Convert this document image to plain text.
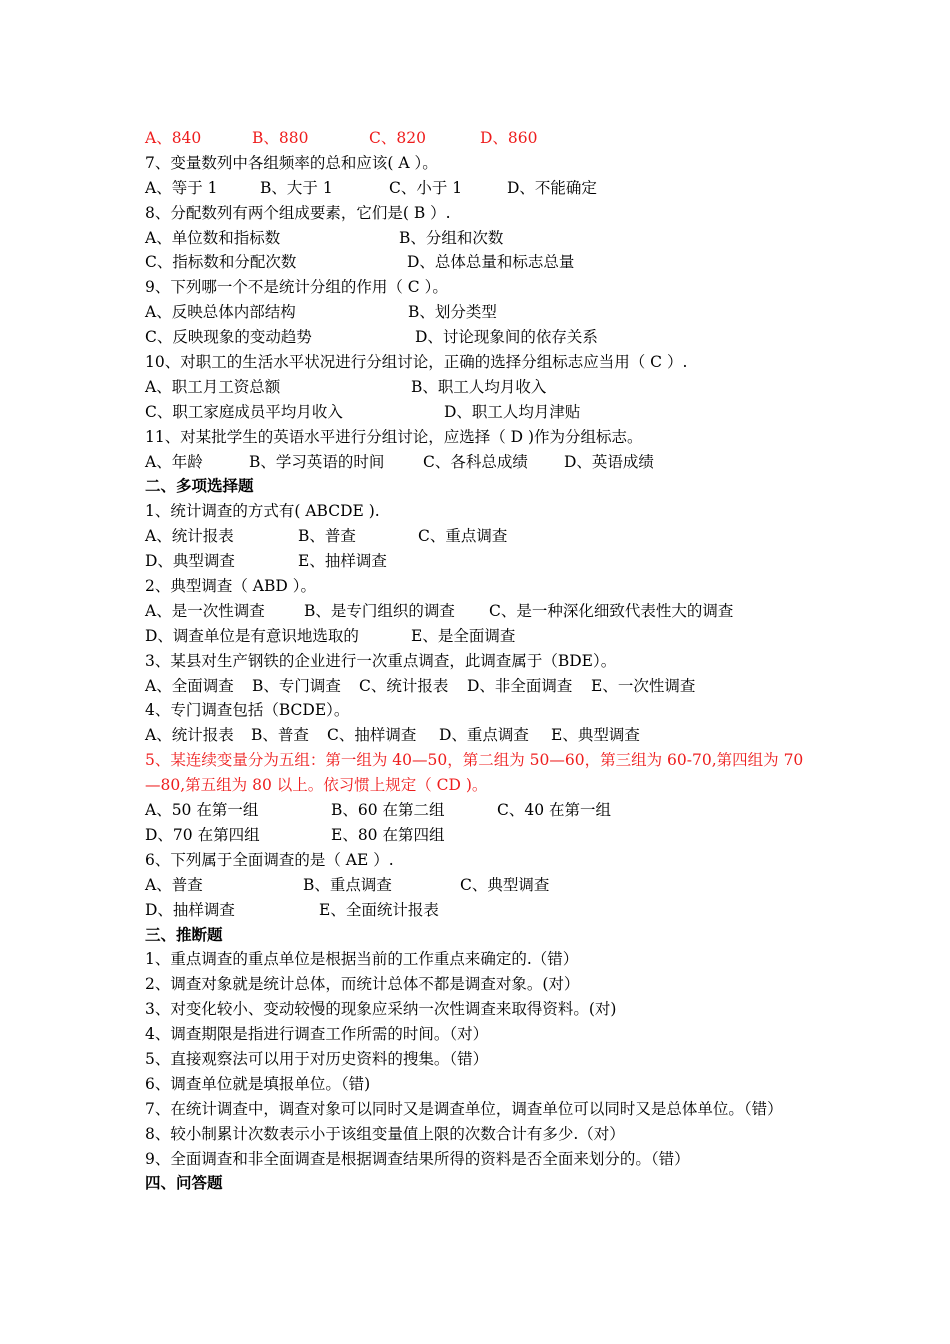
A、840	B、880	C、820	D、860
7、变量数列中各组频率的总和应该( A ）。
A、等于 1	B、大于 1	C、小于 1	D、不能确定
8、分配数列有两个组成要素，它们是( B ）.
A、单位数和指标数	B、分组和次数
C、指标数和分配次数	D、总体总量和标志总量
9、下列哪一个不是统计分组的作用（ C ）。
A、反映总体内部结构	B、划分类型
C、反映现象的变动趋势	D、讨论现象间的依存关系
10、对职工的生活水平状况进行分组讨论，正确的选择分组标志应当用（ C ）.
A、职工月工资总额	B、职工人均月收入
C、职工家庭成员平均月收入	D、职工人均月津贴
11、对某批学生的英语水平进行分组讨论，应选择（ D )作为分组标志。
A、年龄	B、学习英语的时间 C、各科总成绩 D、英语成绩
二、多项选择题
1、统计调查的方式有( ABCDE ).
A、统计报表	B、普查	C、重点调查
D、典型调查	E、抽样调查
2、典型调查（ ABD ）。
A、是一次性调查	B、是专门组织的调查 C、是一种深化细致代表性大的调查
D、调查单位是有意识地选取的	E、是全面调查
3、某县对生产钢铁的企业进行一次重点调查，此调查属于（BDE）。
A、全面调查 B、专门调查 C、统计报表 D、非全面调查 E、一次性调查
4、专门调查包括（BCDE）。
A、统计报表 B、普查 C、抽样调查 D、重点调查 E、典型调查
5、某连续变量分为五组：第一组为 40—50，第二组为 50—60，第三组为 60-70,第四组为 70—80,第五组为 80 以上。依习惯上规定（ CD )。
A、50 在第一组	B、60 在第二组	C、40 在第一组
D、70 在第四组	E、80 在第四组
6、下列属于全面调查的是（ AE ）.
A、普查	B、重点调查	C、典型调查
D、抽样调查	E、全面统计报表
三、推断题
1、重点调查的重点单位是根据当前的工作重点来确定的.（错）
2、调查对象就是统计总体，而统计总体不都是调查对象。(对）
3、对变化较小、变动较慢的现象应采纳一次性调查来取得资料。(对)
4、调查期限是指进行调查工作所需的时间。（对）
5、直接观察法可以用于对历史资料的搜集。（错）
6、调查单位就是填报单位。（错)
7、在统计调查中，调查对象可以同时又是调查单位，调查单位可以同时又是总体单位。（错）
8、较小制累计次数表示小于该组变量值上限的次数合计有多少.（对）
9、全面调查和非全面调查是根据调查结果所得的资料是否全面来划分的。（错）
四、问答题
